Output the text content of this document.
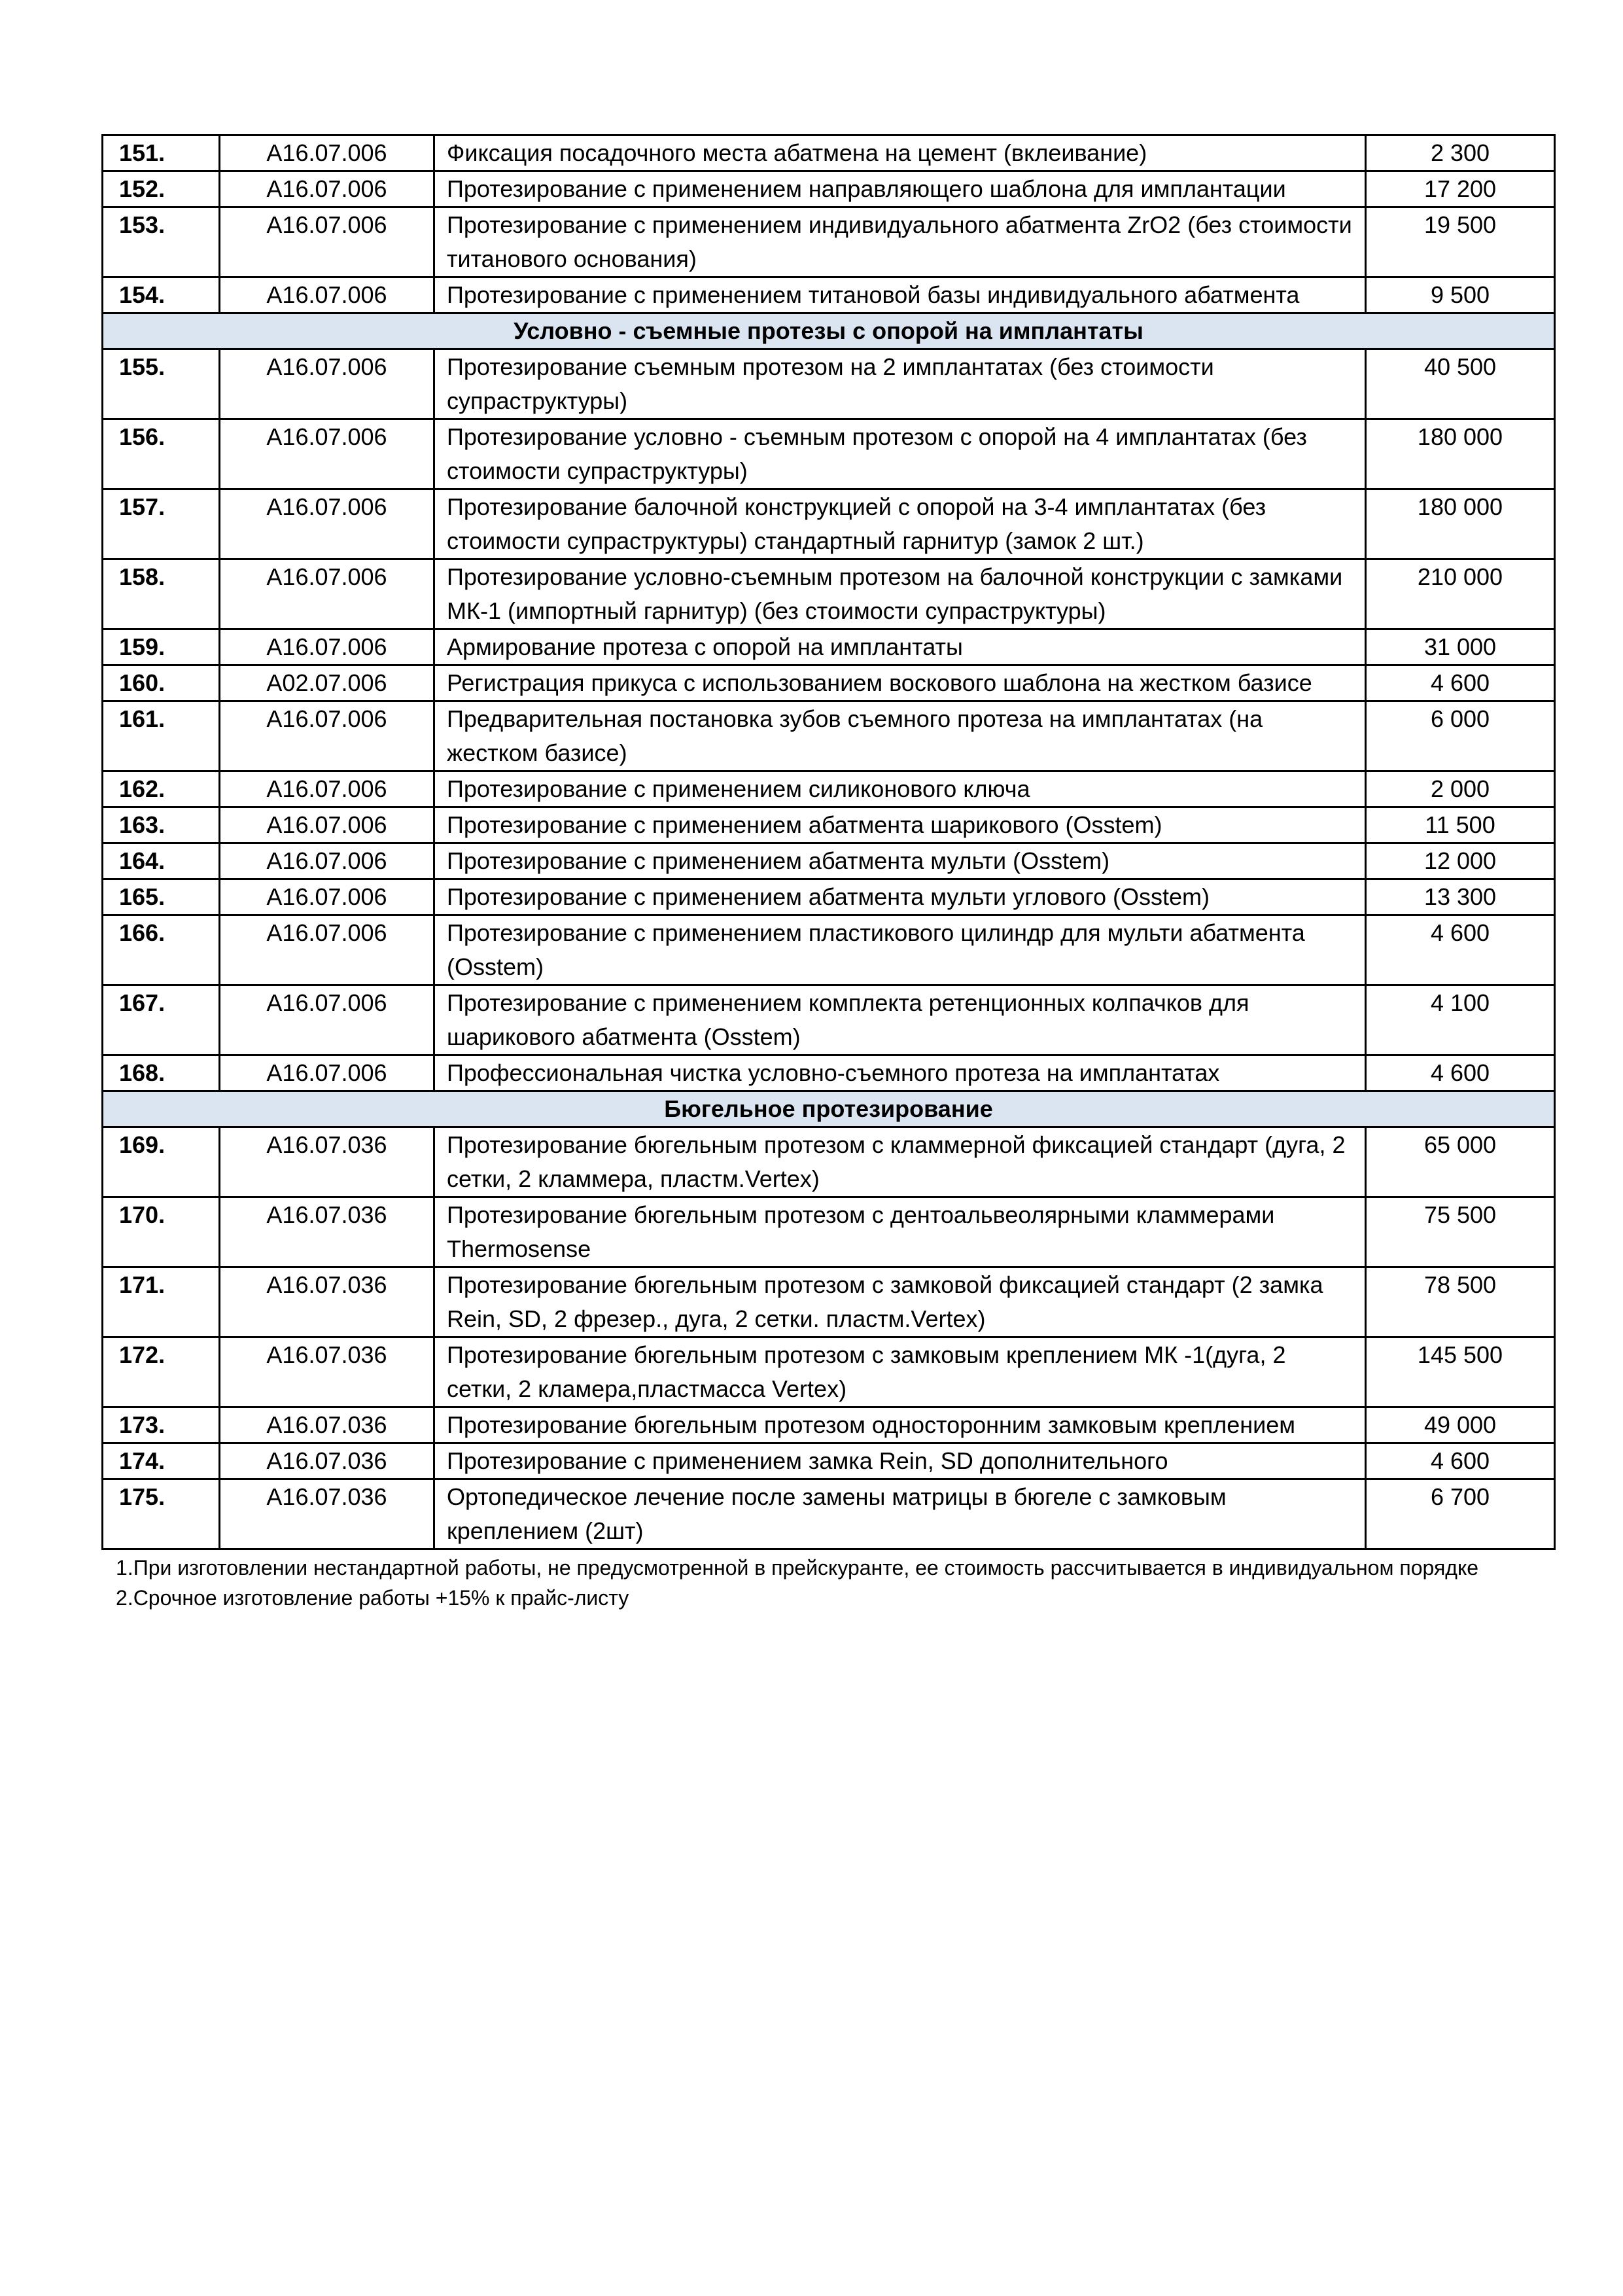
151.	A16.07.006	Фиксация посадочного места абатмена на цемент (вклеивание)	2 300
152.	A16.07.006	Протезирование с применением направляющего шаблона для имплантации	17 200
153.	A16.07.006	Протезирование с применением индивидуального абатмента ZrO2 (без стоимости титанового основания)	19 500
154.	A16.07.006	Протезирование с применением титановой базы индивидуального абатмента	9 500
Условно - съемные протезы с опорой на имплантаты			
155.	A16.07.006	Протезирование съемным протезом на 2 имплантатах (без стоимости супраструктуры)	40 500
156.	A16.07.006	Протезирование условно - съемным протезом с опорой на 4 имплантатах (без стоимости супраструктуры)	180 000
157.	A16.07.006	Протезирование балочной конструкцией с опорой на 3-4 имплантатах (без стоимости супраструктуры) стандартный гарнитур (замок 2 шт.)	180 000
158.	A16.07.006	Протезирование условно-съемным протезом на балочной конструкции с замками МК-1 (импортный гарнитур) (без стоимости супраструктуры)	210 000
159.	A16.07.006	Армирование протеза с опорой на имплантаты	31 000
160.	A02.07.006	Регистрация прикуса с использованием воскового шаблона на жестком базисе	4 600
161.	A16.07.006	Предварительная постановка зубов съемного протеза на имплантатах (на жестком базисе)	6 000
162.	A16.07.006	Протезирование с применением силиконового ключа	2 000
163.	A16.07.006	Протезирование с применением абатмента шарикового (Osstem)	11 500
164.	A16.07.006	Протезирование с применением абатмента мульти (Osstem)	12 000
165.	A16.07.006	Протезирование с применением абатмента мульти углового (Osstem)	13 300
166.	A16.07.006	Протезирование с применением пластикового цилиндр для мульти абатмента (Osstem)	4 600
167.	A16.07.006	Протезирование с применением комплекта ретенционных колпачков для шарикового абатмента (Osstem)	4 100
168.	A16.07.006	Профессиональная чистка условно-съемного протеза на имплантатах	4 600
Бюгельное протезирование			
169.	A16.07.036	Протезирование бюгельным протезом с кламмерной фиксацией стандарт (дуга, 2 сетки, 2 кламмера, пластм.Vertex)	65 000
170.	A16.07.036	Протезирование бюгельным протезом с дентоальвеолярными кламмерами Thermosense	75 500
171.	A16.07.036	Протезирование бюгельным протезом с замковой фиксацией стандарт (2 замка Rein, SD, 2 фрезер., дуга, 2 сетки. пластм.Vertex)	78 500
172.	A16.07.036	Протезирование бюгельным протезом с замковым креплением МК -1(дуга, 2 сетки, 2 кламера,пластмасса Vertex)	145 500
173.	A16.07.036	Протезирование бюгельным протезом односторонним замковым креплением	49 000
174.	A16.07.036	Протезирование с применением замка Rein, SD дополнительного	4 600
175.	A16.07.036	Ортопедическое лечение после замены матрицы в бюгеле с замковым креплением (2шт)	6 700
1.При изготовлении нестандартной работы, не предусмотренной в прейскуранте, ее стоимость рассчитывается в индивидуальном порядке
2.Срочное изготовление работы +15% к прайс-листу
